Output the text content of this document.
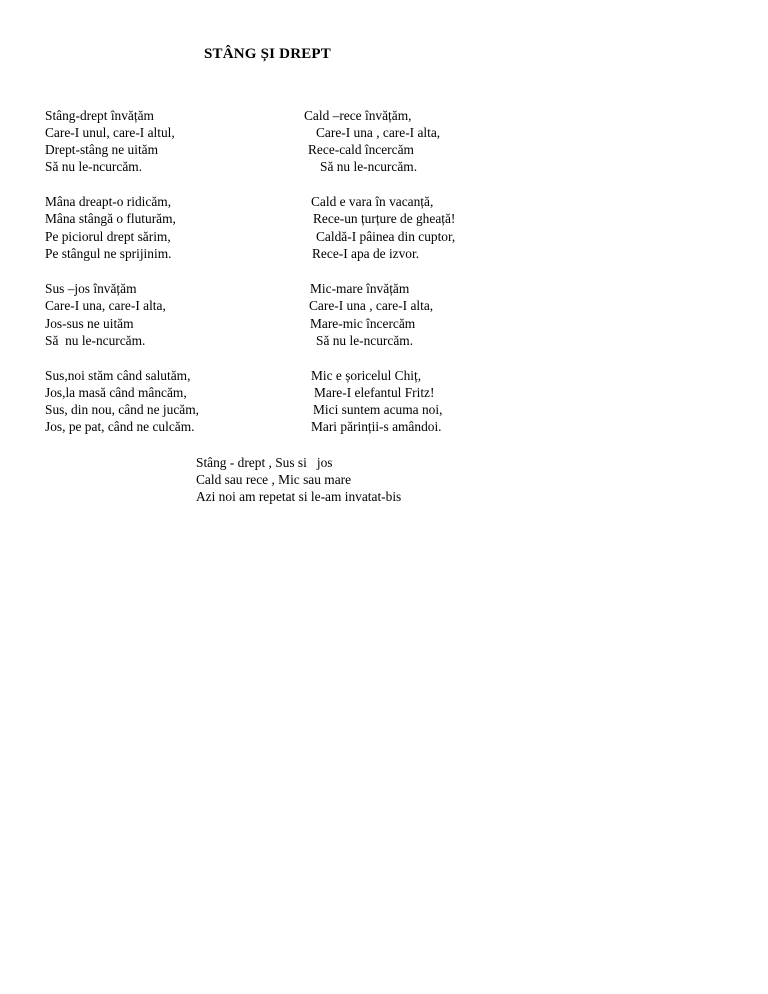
STÂNG ȘI DREPT
Stâng-drept învățăm
Care-I unul, care-I altul,
Drept-stâng ne uităm
Să nu le-ncurcăm.
Cald –rece învățăm,
Care-I una , care-I alta,
Rece-cald încercăm
Să nu le-ncurcăm.
Mâna dreapt-o ridicăm,
Mâna stângă o fluturăm,
Pe piciorul drept sărim,
Pe stângul ne sprijinim.
Cald e vara în vacanță,
Rece-un țurțure de gheață!
Caldă-I pâinea din cuptor,
Rece-I apa de izvor.
Sus –jos învățăm
Care-I una, care-I alta,
Jos-sus ne uităm
Să  nu le-ncurcăm.
Mic-mare învățăm
Care-I una , care-I alta,
Mare-mic încercăm
Să nu le-ncurcăm.
Sus,noi stăm când salutăm,
Jos,la masă când mâncăm,
Sus, din nou, când ne jucăm,
Jos, pe pat, când ne culcăm.
Mic e șoricelul Chiț,
Mare-I elefantul Fritz!
Mici suntem acuma noi,
Mari părinții-s amândoi.
Stâng - drept , Sus si   jos
Cald sau rece , Mic sau mare
Azi noi am repetat si le-am invatat-bis
